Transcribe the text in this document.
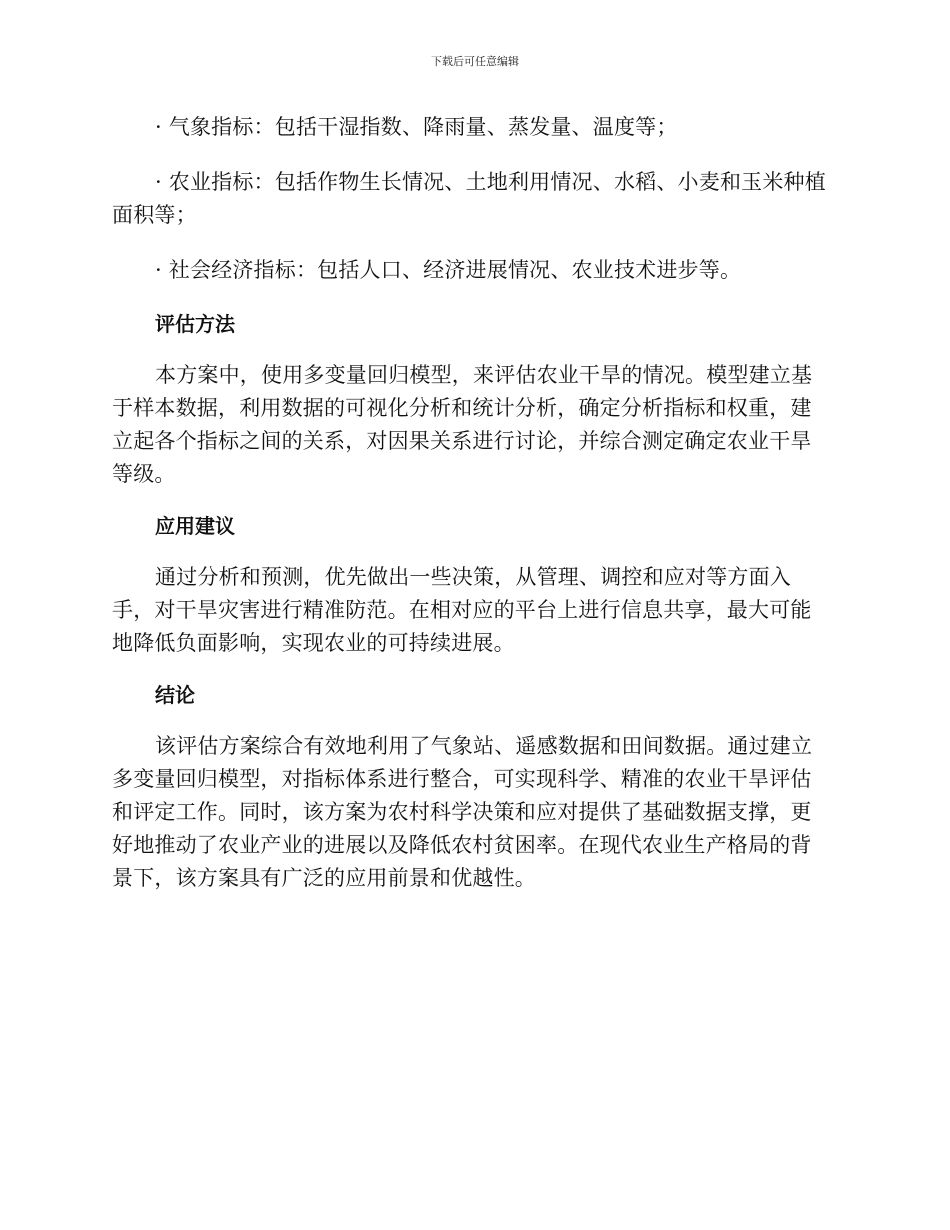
下载后可任意编辑

· 气象指标：包括干湿指数、降雨量、蒸发量、温度等；

· 农业指标：包括作物生长情况、土地利用情况、水稻、小麦和玉米种植面积等；

· 社会经济指标：包括人口、经济进展情况、农业技术进步等。

评估方法

本方案中，使用多变量回归模型，来评估农业干旱的情况。模型建立基于样本数据，利用数据的可视化分析和统计分析，确定分析指标和权重，建立起各个指标之间的关系，对因果关系进行讨论，并综合测定确定农业干旱等级。

应用建议

通过分析和预测，优先做出一些决策，从管理、调控和应对等方面入手，对干旱灾害进行精准防范。在相对应的平台上进行信息共享，最大可能地降低负面影响，实现农业的可持续进展。

结论

该评估方案综合有效地利用了气象站、遥感数据和田间数据。通过建立多变量回归模型，对指标体系进行整合，可实现科学、精准的农业干旱评估和评定工作。同时，该方案为农村科学决策和应对提供了基础数据支撑，更好地推动了农业产业的进展以及降低农村贫困率。在现代农业生产格局的背景下，该方案具有广泛的应用前景和优越性。
